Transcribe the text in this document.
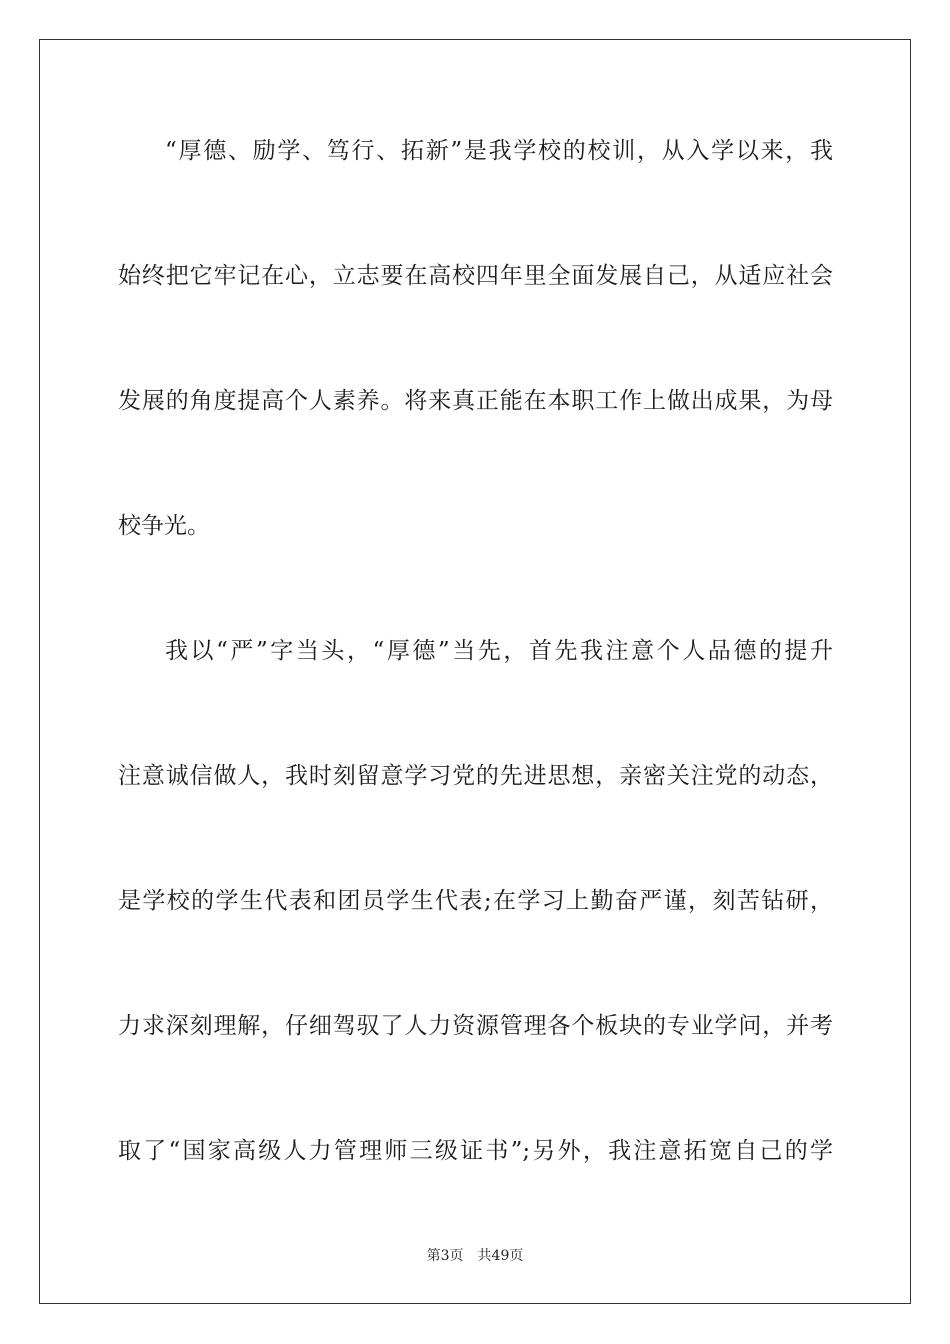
“厚德、励学、笃行、拓新”是我学校的校训，从入学以来，我
始终把它牢记在心，立志要在高校四年里全面发展自己，从适应社会
发展的角度提高个人素养。将来真正能在本职工作上做出成果，为母
校争光。
我以“严”字当头，“厚德”当先，首先我注意个人品德的提升
注意诚信做人，我时刻留意学习党的先进思想，亲密关注党的动态，
是学校的学生代表和团员学生代表;在学习上勤奋严谨，刻苦钻研，
力求深刻理解，仔细驾驭了人力资源管理各个板块的专业学问，并考
取了“国家高级人力管理师三级证书”;另外，我注意拓宽自己的学
第3页 共49页
